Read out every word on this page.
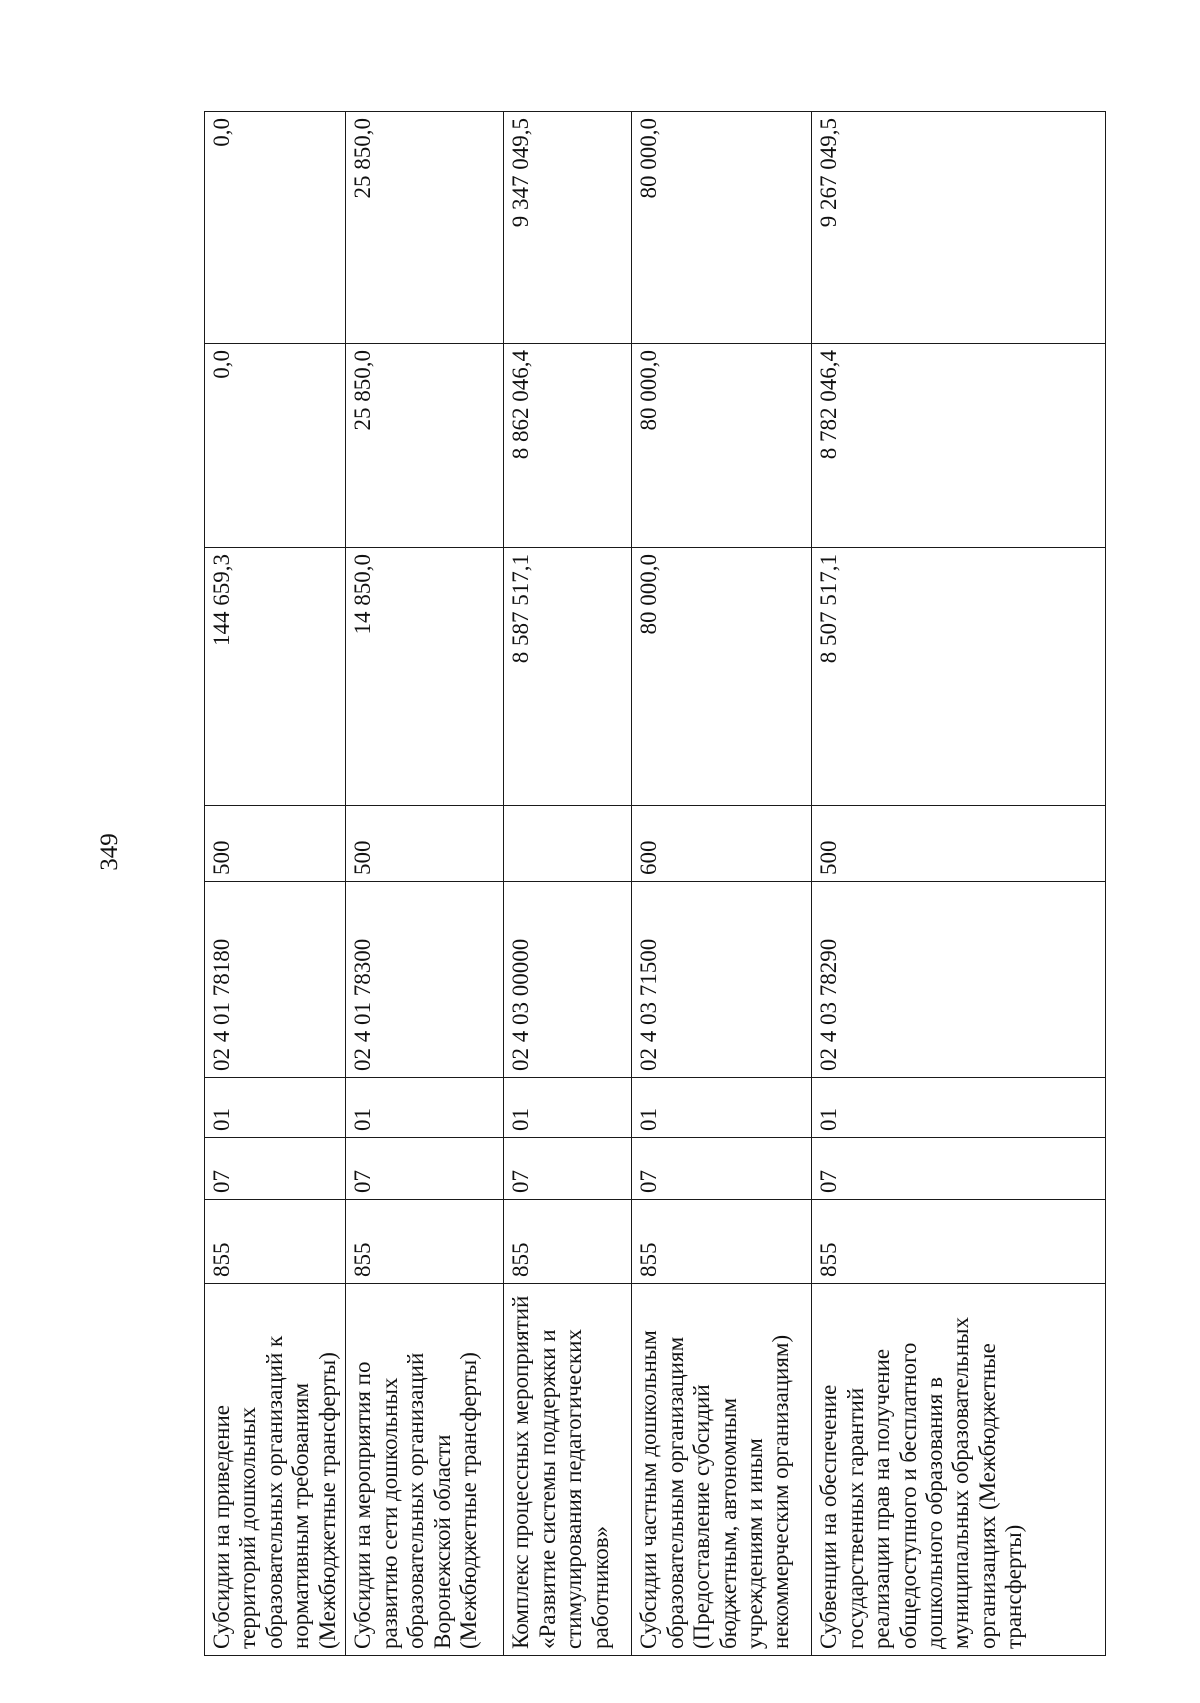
349
Субсидии на приведение территорий дошкольных образовательных организаций к нормативным требованиям (Межбюджетные трансферты)	855	07	01	02 4 01 78180	500	144 659,3	0,0	0,0
Субсидии на мероприятия по развитию сети дошкольных образовательных организаций Воронежской области (Межбюджетные трансферты)	855	07	01	02 4 01 78300	500	14 850,0	25 850,0	25 850,0
Комплекс процессных мероприятий «Развитие системы поддержки и стимулирования педагогических работников»	855	07	01	02 4 03 00000		8 587 517,1	8 862 046,4	9 347 049,5
Субсидии частным дошкольным образовательным организациям (Предоставление субсидий бюджетным, автономным учреждениям и иным некоммерческим организациям)	855	07	01	02 4 03 71500	600	80 000,0	80 000,0	80 000,0
Субвенции на обеспечение государственных гарантий реализации прав на получение общедоступного и бесплатного дошкольного образования в муниципальных образовательных организациях (Межбюджетные трансферты)	855	07	01	02 4 03 78290	500	8 507 517,1	8 782 046,4	9 267 049,5
